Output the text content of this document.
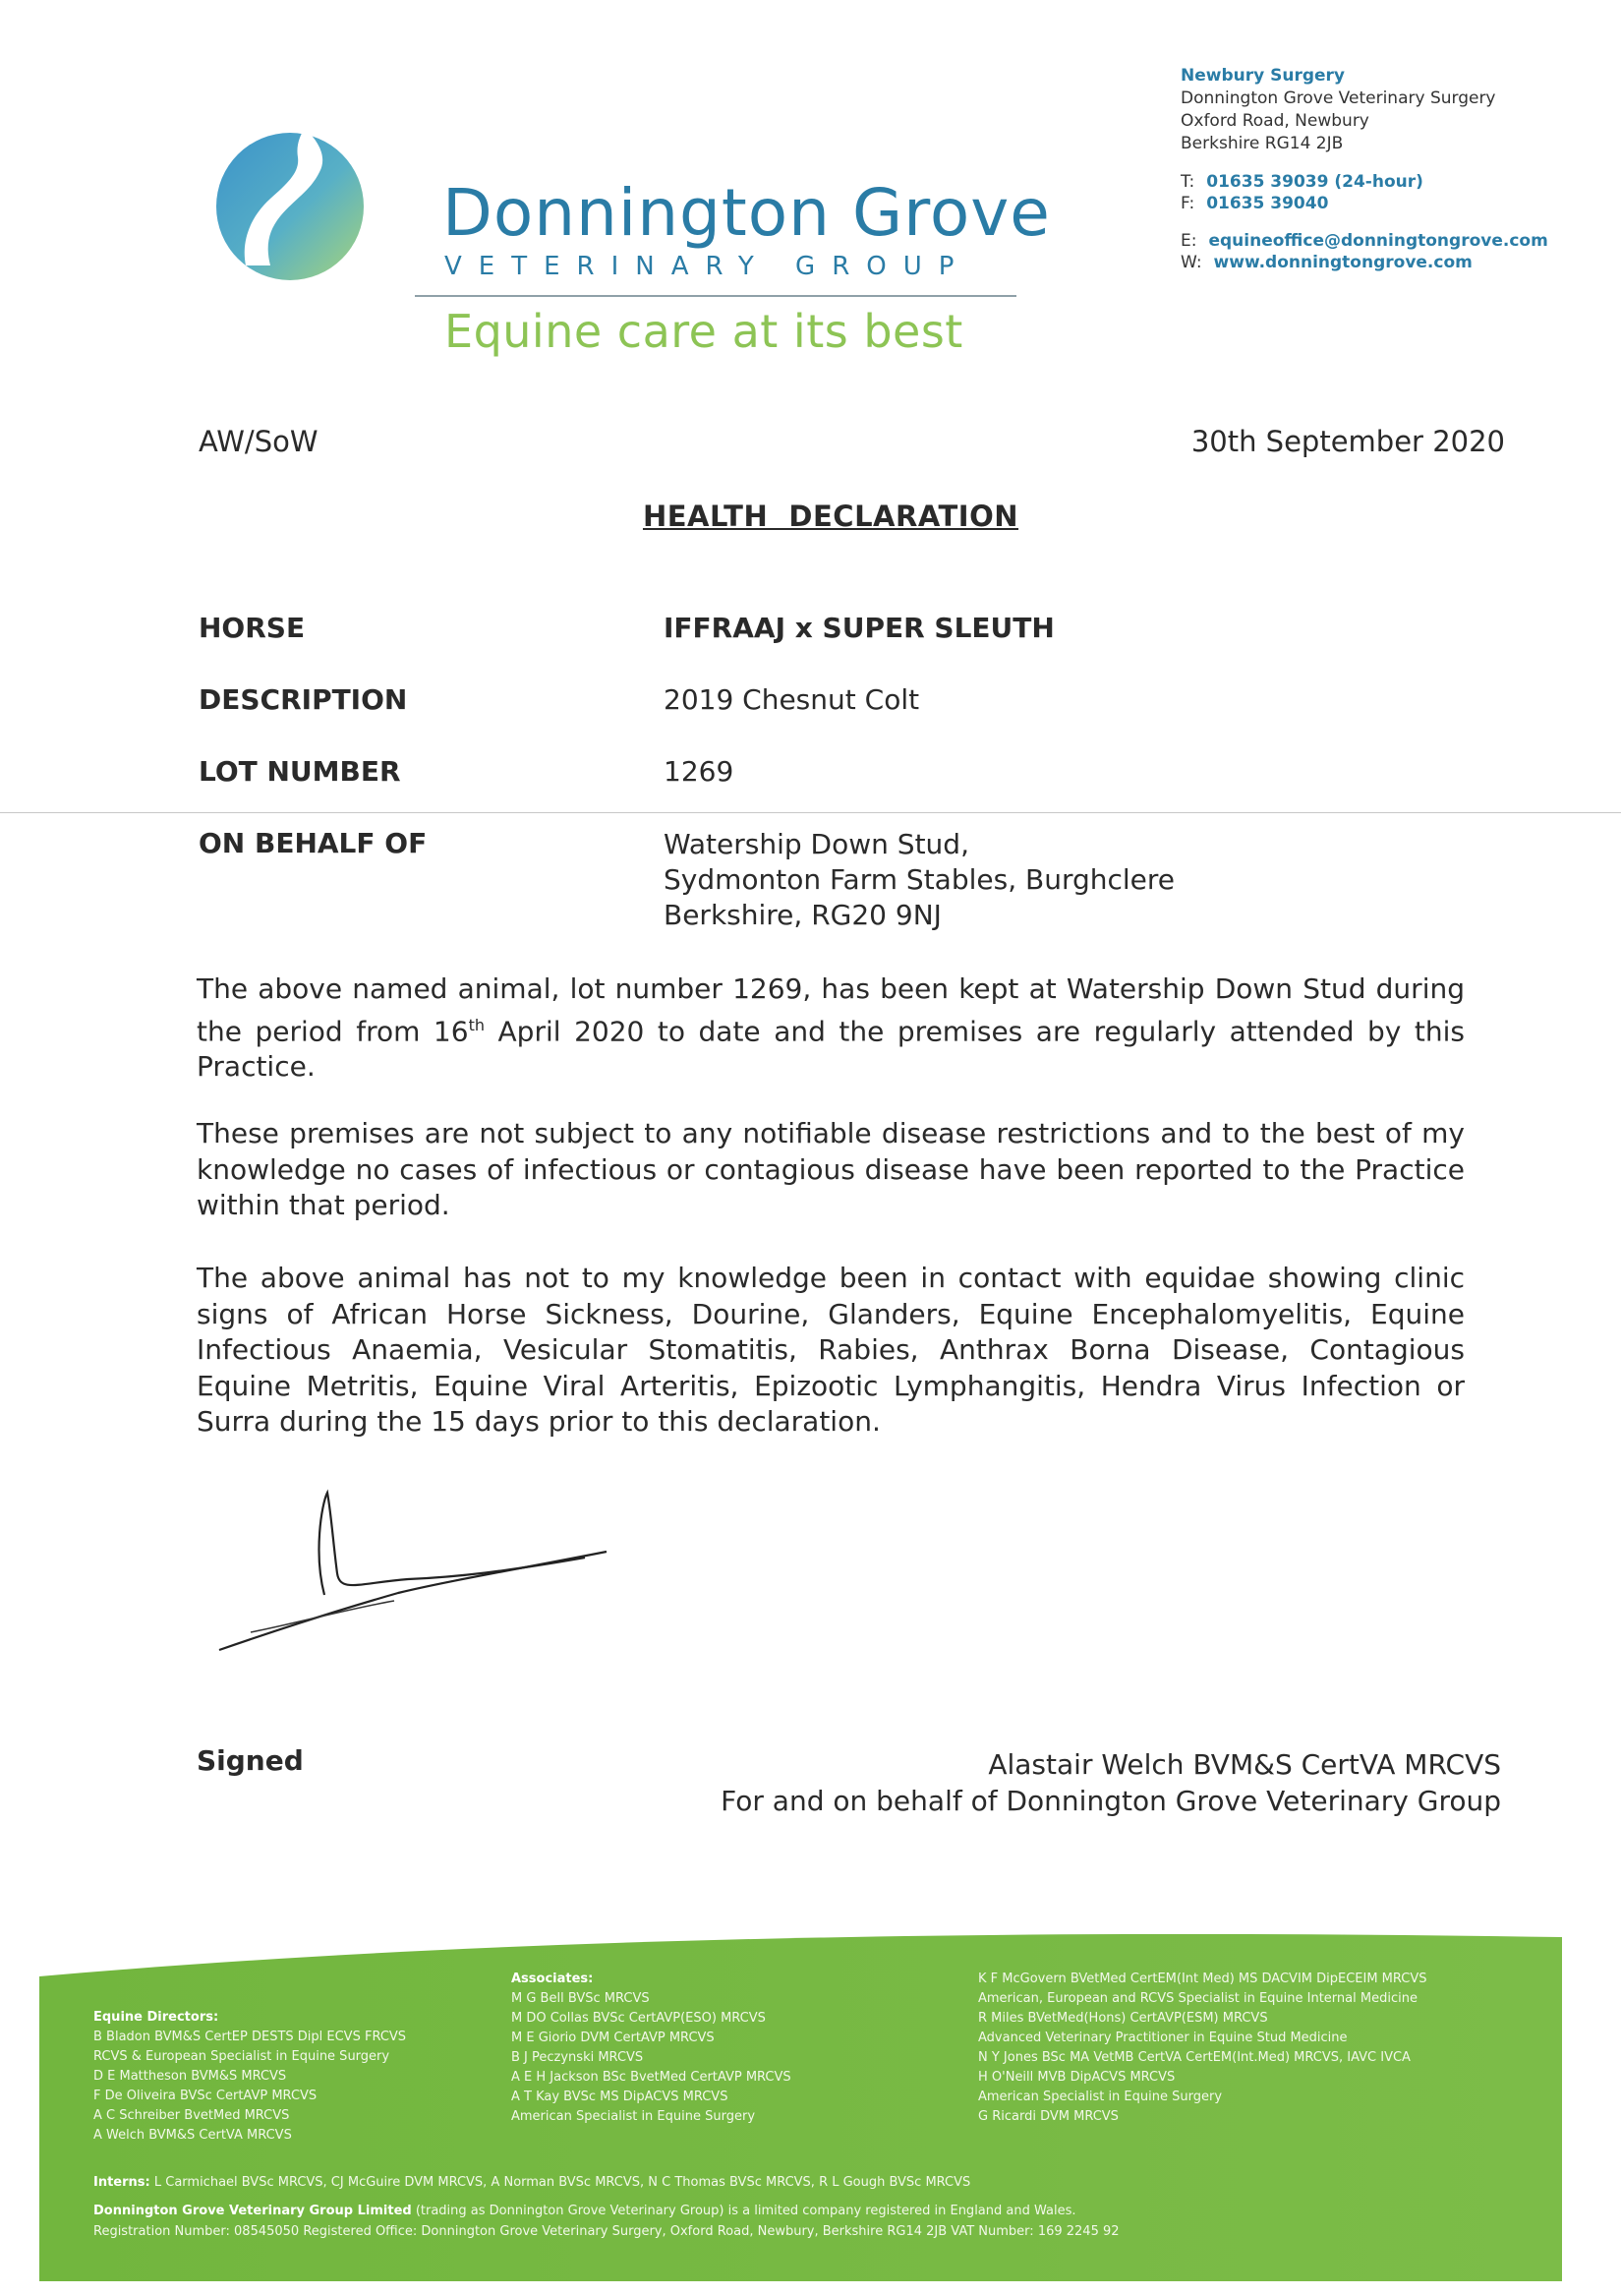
Donnington Grove
VETERINARY GROUP
Equine care at its best
Newbury Surgery
Donnington Grove Veterinary Surgery
Oxford Road, Newbury
Berkshire RG14 2JB
T: 01635 39039 (24-hour)
F: 01635 39040
E: equineoffice@donningtongrove.com
W: www.donningtongrove.com
AW/SoW	30th September 2020
HEALTH  DECLARATION
HORSE	IFFRAAJ x SUPER SLEUTH
DESCRIPTION	2019 Chesnut Colt
LOT NUMBER	1269
ON BEHALF OF	Watership Down Stud,
Sydmonton Farm Stables, Burghclere
Berkshire, RG20 9NJ
The above named animal, lot number 1269, has been kept at Watership Down Stud during the period from 16th April 2020 to date and the premises are regularly attended by this Practice.
These premises are not subject to any notifiable disease restrictions and to the best of my knowledge no cases of infectious or contagious disease have been reported to the Practice within that period.
The above animal has not to my knowledge been in contact with equidae showing clinic signs of African Horse Sickness, Dourine, Glanders, Equine Encephalomyelitis, Equine Infectious Anaemia, Vesicular Stomatitis, Rabies, Anthrax Borna Disease, Contagious Equine Metritis, Equine Viral Arteritis, Epizootic Lymphangitis, Hendra Virus Infection or Surra during the 15 days prior to this declaration.
Signed	Alastair Welch BVM&S CertVA MRCVS
For and on behalf of Donnington Grove Veterinary Group
Equine Directors:
B Bladon BVM&S CertEP DESTS Dipl ECVS FRCVS
RCVS & European Specialist in Equine Surgery
D E Mattheson BVM&S MRCVS
F De Oliveira BVSc CertAVP MRCVS
A C Schreiber BvetMed MRCVS
A Welch BVM&S CertVA MRCVS
Associates:
M G Bell BVSc MRCVS
M DO Collas BVSc CertAVP(ESO) MRCVS
M E Giorio DVM CertAVP MRCVS
B J Peczynski MRCVS
A E H Jackson BSc BvetMed CertAVP MRCVS
A T Kay BVSc MS DipACVS MRCVS
American Specialist in Equine Surgery
K F McGovern BVetMed CertEM(Int Med) MS DACVIM DipECEIM MRCVS
American, European and RCVS Specialist in Equine Internal Medicine
R Miles BVetMed(Hons) CertAVP(ESM) MRCVS
Advanced Veterinary Practitioner in Equine Stud Medicine
N Y Jones BSc MA VetMB CertVA CertEM(Int.Med) MRCVS, IAVC IVCA
H O'Neill MVB DipACVS MRCVS
American Specialist in Equine Surgery
G Ricardi DVM MRCVS
Interns: L Carmichael BVSc MRCVS, CJ McGuire DVM MRCVS, A Norman BVSc MRCVS, N C Thomas BVSc MRCVS, R L Gough BVSc MRCVS
Donnington Grove Veterinary Group Limited (trading as Donnington Grove Veterinary Group) is a limited company registered in England and Wales.
Registration Number: 08545050 Registered Office: Donnington Grove Veterinary Surgery, Oxford Road, Newbury, Berkshire RG14 2JB VAT Number: 169 2245 92
